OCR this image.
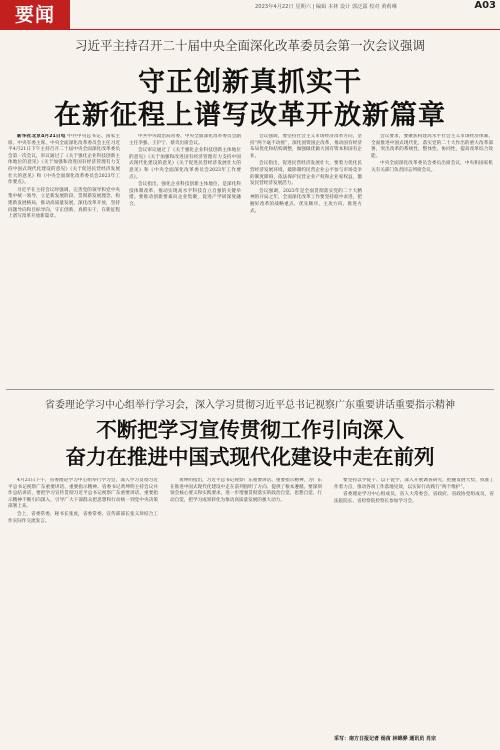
要闻	2023年4月22日 星期六 | 编辑 本林 设计 郭泛露 校对 黄莉琳	A03
习近平主持召开二十届中央全面深化改革委员会第一次会议强调
守正创新真抓实干
在新征程上谱写改革开放新篇章

新华社北京4月21日电 中共中央总书记、国家主席、中央军委主席、中央全面深化改革委员会主任习近平4月21日下午主持召开二十届中央全面深化改革委员会第一次会议，审议通过了《关于强化企业科技创新主体地位的意见》《关于加强和改进国有经济管理有力支持中国式现代化建设的意见》《关于促进民营经济发展壮大的意见》和《中央全面深化改革委员会2023年工作要点》。

习近平在主持会议时强调，完善党的领导和党中央集中统一领导，立足新发展阶段、贯彻新发展理念、构建新发展格局，推动高质量发展，深化改革开放，坚持问题导向和目标导向，守正创新、真抓实干，在新征程上谱写改革开放新篇章。

中共中央政治局常委、中央全面深化改革委员会副主任李强、王沪宁、蔡奇出席会议。

会议审议通过了《关于强化企业科技创新主体地位的意见》《关于加强和改进国有经济管理有力支持中国式现代化建设的意见》《关于促进民营经济发展壮大的意见》和《中央全面深化改革委员会2023年工作要点》。

会议指出，强化企业科技创新主体地位，是深化科技体制改革、推动实现高水平科技自立自强的关键举措。要推动创新要素向企业集聚，促进产学研深度融合。

会议强调，要坚持社会主义市场经济改革方向，坚持“两个毫不动摇”，深化国资国企改革，推动国有经济布局优化和结构调整，做强做优做大国有资本和国有企业。

会议指出，促进民营经济发展壮大，要着力优化民营经济发展环境，破除制约民营企业公平参与市场竞争的制度障碍，依法保护民营企业产权和企业家权益，激发民营经济发展活力。

会议强调，2023年是全面贯彻落实党的二十大精神的开局之年，全面深化改革工作要坚持稳中求进，把握好改革的战略重点、优先顺序、主攻方向、推进方式。

会议要求，要聚焦构建高水平社会主义市场经济体制、全面推进中国式现代化，落实党的二十大作出的重大改革部署，突出改革的系统性、整体性、协同性，提高改革综合效能。

中央全面深化改革委员会委员出席会议，中央和国家机关有关部门负责同志列席会议。

省委理论学习中心组举行学习会，深入学习贯彻习近平总书记视察广东重要讲话重要指示精神
不断把学习宣传贯彻工作引向深入
奋力在推进中国式现代化建设中走在前列

4月21日下午，省委理论学习中心组举行学习会，深入学习贯彻习近平总书记视察广东重要讲话、重要指示精神。省委书记黄坤明主持会议并作总结讲话，要把学习宣传贯彻习近平总书记视察广东重要讲话、重要指示精神不断引向深入，引导广大干部群众把思想和行动统一到党中央决策部署上来。

会上，省委常委、秘书长张虎，省委常委、宣传部部长张义珍结合工作实际作交流发言。

黄坤明指出，习近平总书记视察广东重要讲话、重要指示精神，为广东在推进中国式现代化建设中走在前列指明了方向、提供了根本遵循。要深刻领会核心要义和实践要求，进一步增强贯彻落实的政治自觉、思想自觉、行动自觉，把学习成果转化为推动高质量发展的强大动力。

要坚持以学促干、以干促学，深入开展调查研究，把握发展大势，找准工作着力点，推动各项工作落地见效，以实际行动践行“两个维护”。

省委理论学习中心组成员，省人大常委会、省政府、省政协党组成员，省法院院长、省检察院检察长参加学习会。

采写：南方日报记者 杨苗 林锦骅 通讯员 肖宗
